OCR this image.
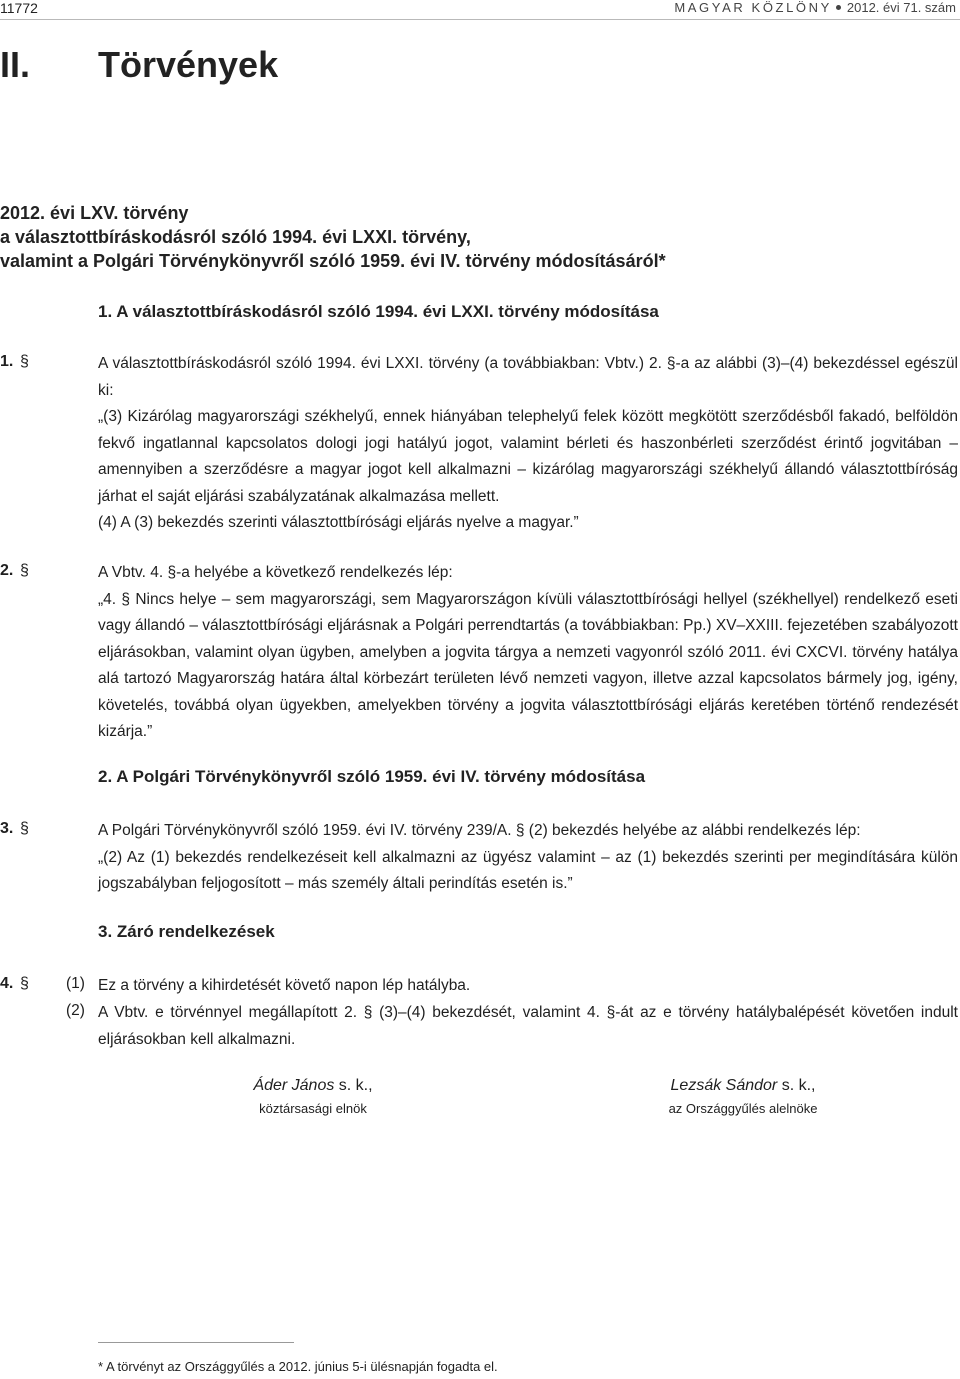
11772	MAGYAR KÖZLÖNY 2012. évi 71. szám
II. Törvények
2012. évi LXV. törvény
a választottbíráskodásról szóló 1994. évi LXXI. törvény,
valamint a Polgári Törvénykönyvről szóló 1959. évi IV. törvény módosításáról*
1. A választottbíráskodásról szóló 1994. évi LXXI. törvény módosítása
1. §	A választottbíráskodásról szóló 1994. évi LXXI. törvény (a továbbiakban: Vbtv.) 2. §-a az alábbi (3)–(4) bekezdéssel egészül ki:

„(3) Kizárólag magyarországi székhelyű, ennek hiányában telephelyű felek között megkötött szerződésből fakadó, belföldön fekvő ingatlannal kapcsolatos dologi jogi hatályú jogot, valamint bérleti és haszonbérleti szerződést érintő jogvitában – amennyiben a szerződésre a magyar jogot kell alkalmazni – kizárólag magyarországi székhelyű állandó választottbíróság járhat el saját eljárási szabályzatának alkalmazása mellett.

(4) A (3) bekezdés szerinti választottbírósági eljárás nyelve a magyar.”

2. §	A Vbtv. 4. §-a helyébe a következő rendelkezés lép:

„4. § Nincs helye – sem magyarországi, sem Magyarországon kívüli választottbírósági hellyel (székhellyel) rendelkező eseti vagy állandó – választottbírósági eljárásnak a Polgári perrendtartás (a továbbiakban: Pp.) XV–XXIII. fejezetében szabályozott eljárásokban, valamint olyan ügyben, amelyben a jogvita tárgya a nemzeti vagyonról szóló 2011. évi CXCVI. törvény hatálya alá tartozó Magyarország határa által körbezárt területen lévő nemzeti vagyon, illetve azzal kapcsolatos bármely jog, igény, követelés, továbbá olyan ügyekben, amelyekben törvény a jogvita választottbírósági eljárás keretében történő rendezését kizárja.”

2. A Polgári Törvénykönyvről szóló 1959. évi IV. törvény módosítása
3. §	A Polgári Törvénykönyvről szóló 1959. évi IV. törvény 239/A. § (2) bekezdés helyébe az alábbi rendelkezés lép:

„(2) Az (1) bekezdés rendelkezéseit kell alkalmazni az ügyész valamint – az (1) bekezdés szerinti per megindítására külön jogszabályban feljogosított – más személy általi perindítás esetén is.”

3. Záró rendelkezések
4. § (1) Ez a törvény a kihirdetését követő napon lép hatályba.

(2) A Vbtv. e törvénnyel megállapított 2. § (3)–(4) bekezdését, valamint 4. §-át az e törvény hatálybalépését követően indult eljárásokban kell alkalmazni.

Áder János s. k.,
köztársasági elnök
Lezsák Sándor s. k.,
az Országgyűlés alelnöke
* A törvényt az Országgyűlés a 2012. június 5-i ülésnapján fogadta el.
